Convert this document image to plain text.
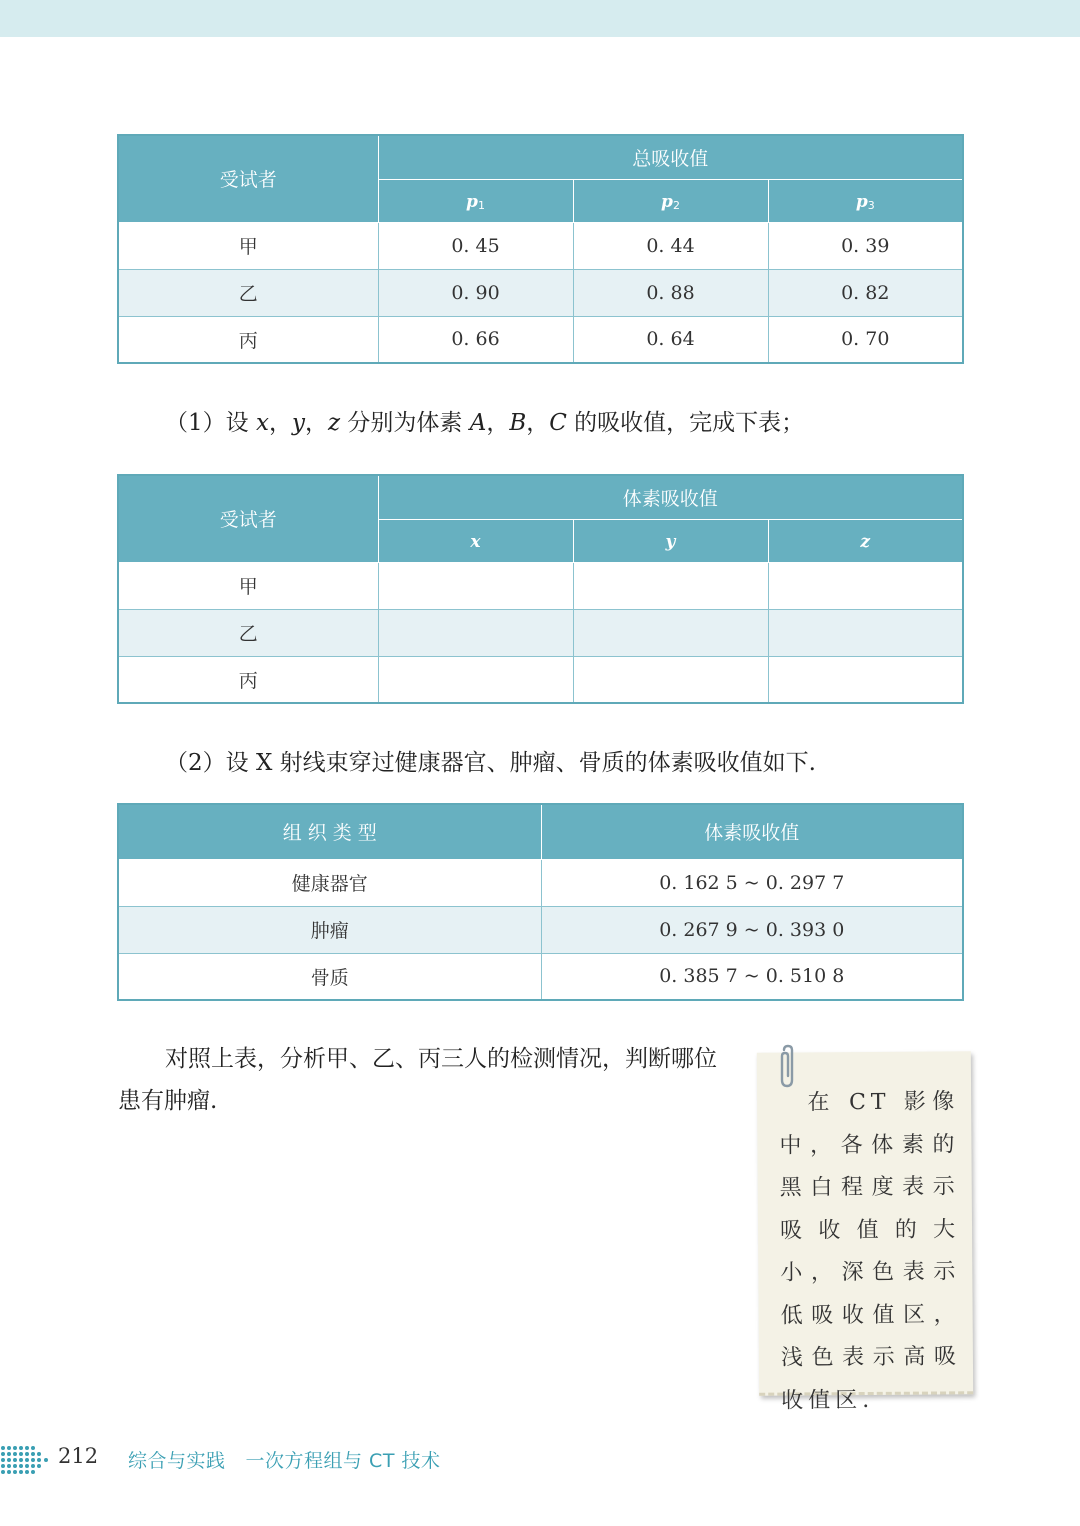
受试者	总吸收值		
	p1	p2	p3
甲	0. 45	0. 44	0. 39
乙	0. 90	0. 88	0. 82
丙	0. 66	0. 64	0. 70

（1）设 x，y，z 分别为体素 A，B，C 的吸收值，完成下表；

受试者	体素吸收值		
	x	y	z
甲			
乙			
丙			

（2）设 X 射线束穿过健康器官、肿瘤、骨质的体素吸收值如下.

组 织 类 型	体素吸收值
健康器官	0. 162 5 ~ 0. 297 7
肿瘤	0. 267 9 ~ 0. 393 0
骨质	0. 385 7 ~ 0. 510 8

对照上表，分析甲、乙、丙三人的检测情况，判断哪位

患有肿瘤.	　在 CT 影像中，各体素的黑白程度表示吸收值的大小，深色表示低吸收值区，浅色表示高吸收值区.

212 综合与实践 一次方程组与 CT 技术
